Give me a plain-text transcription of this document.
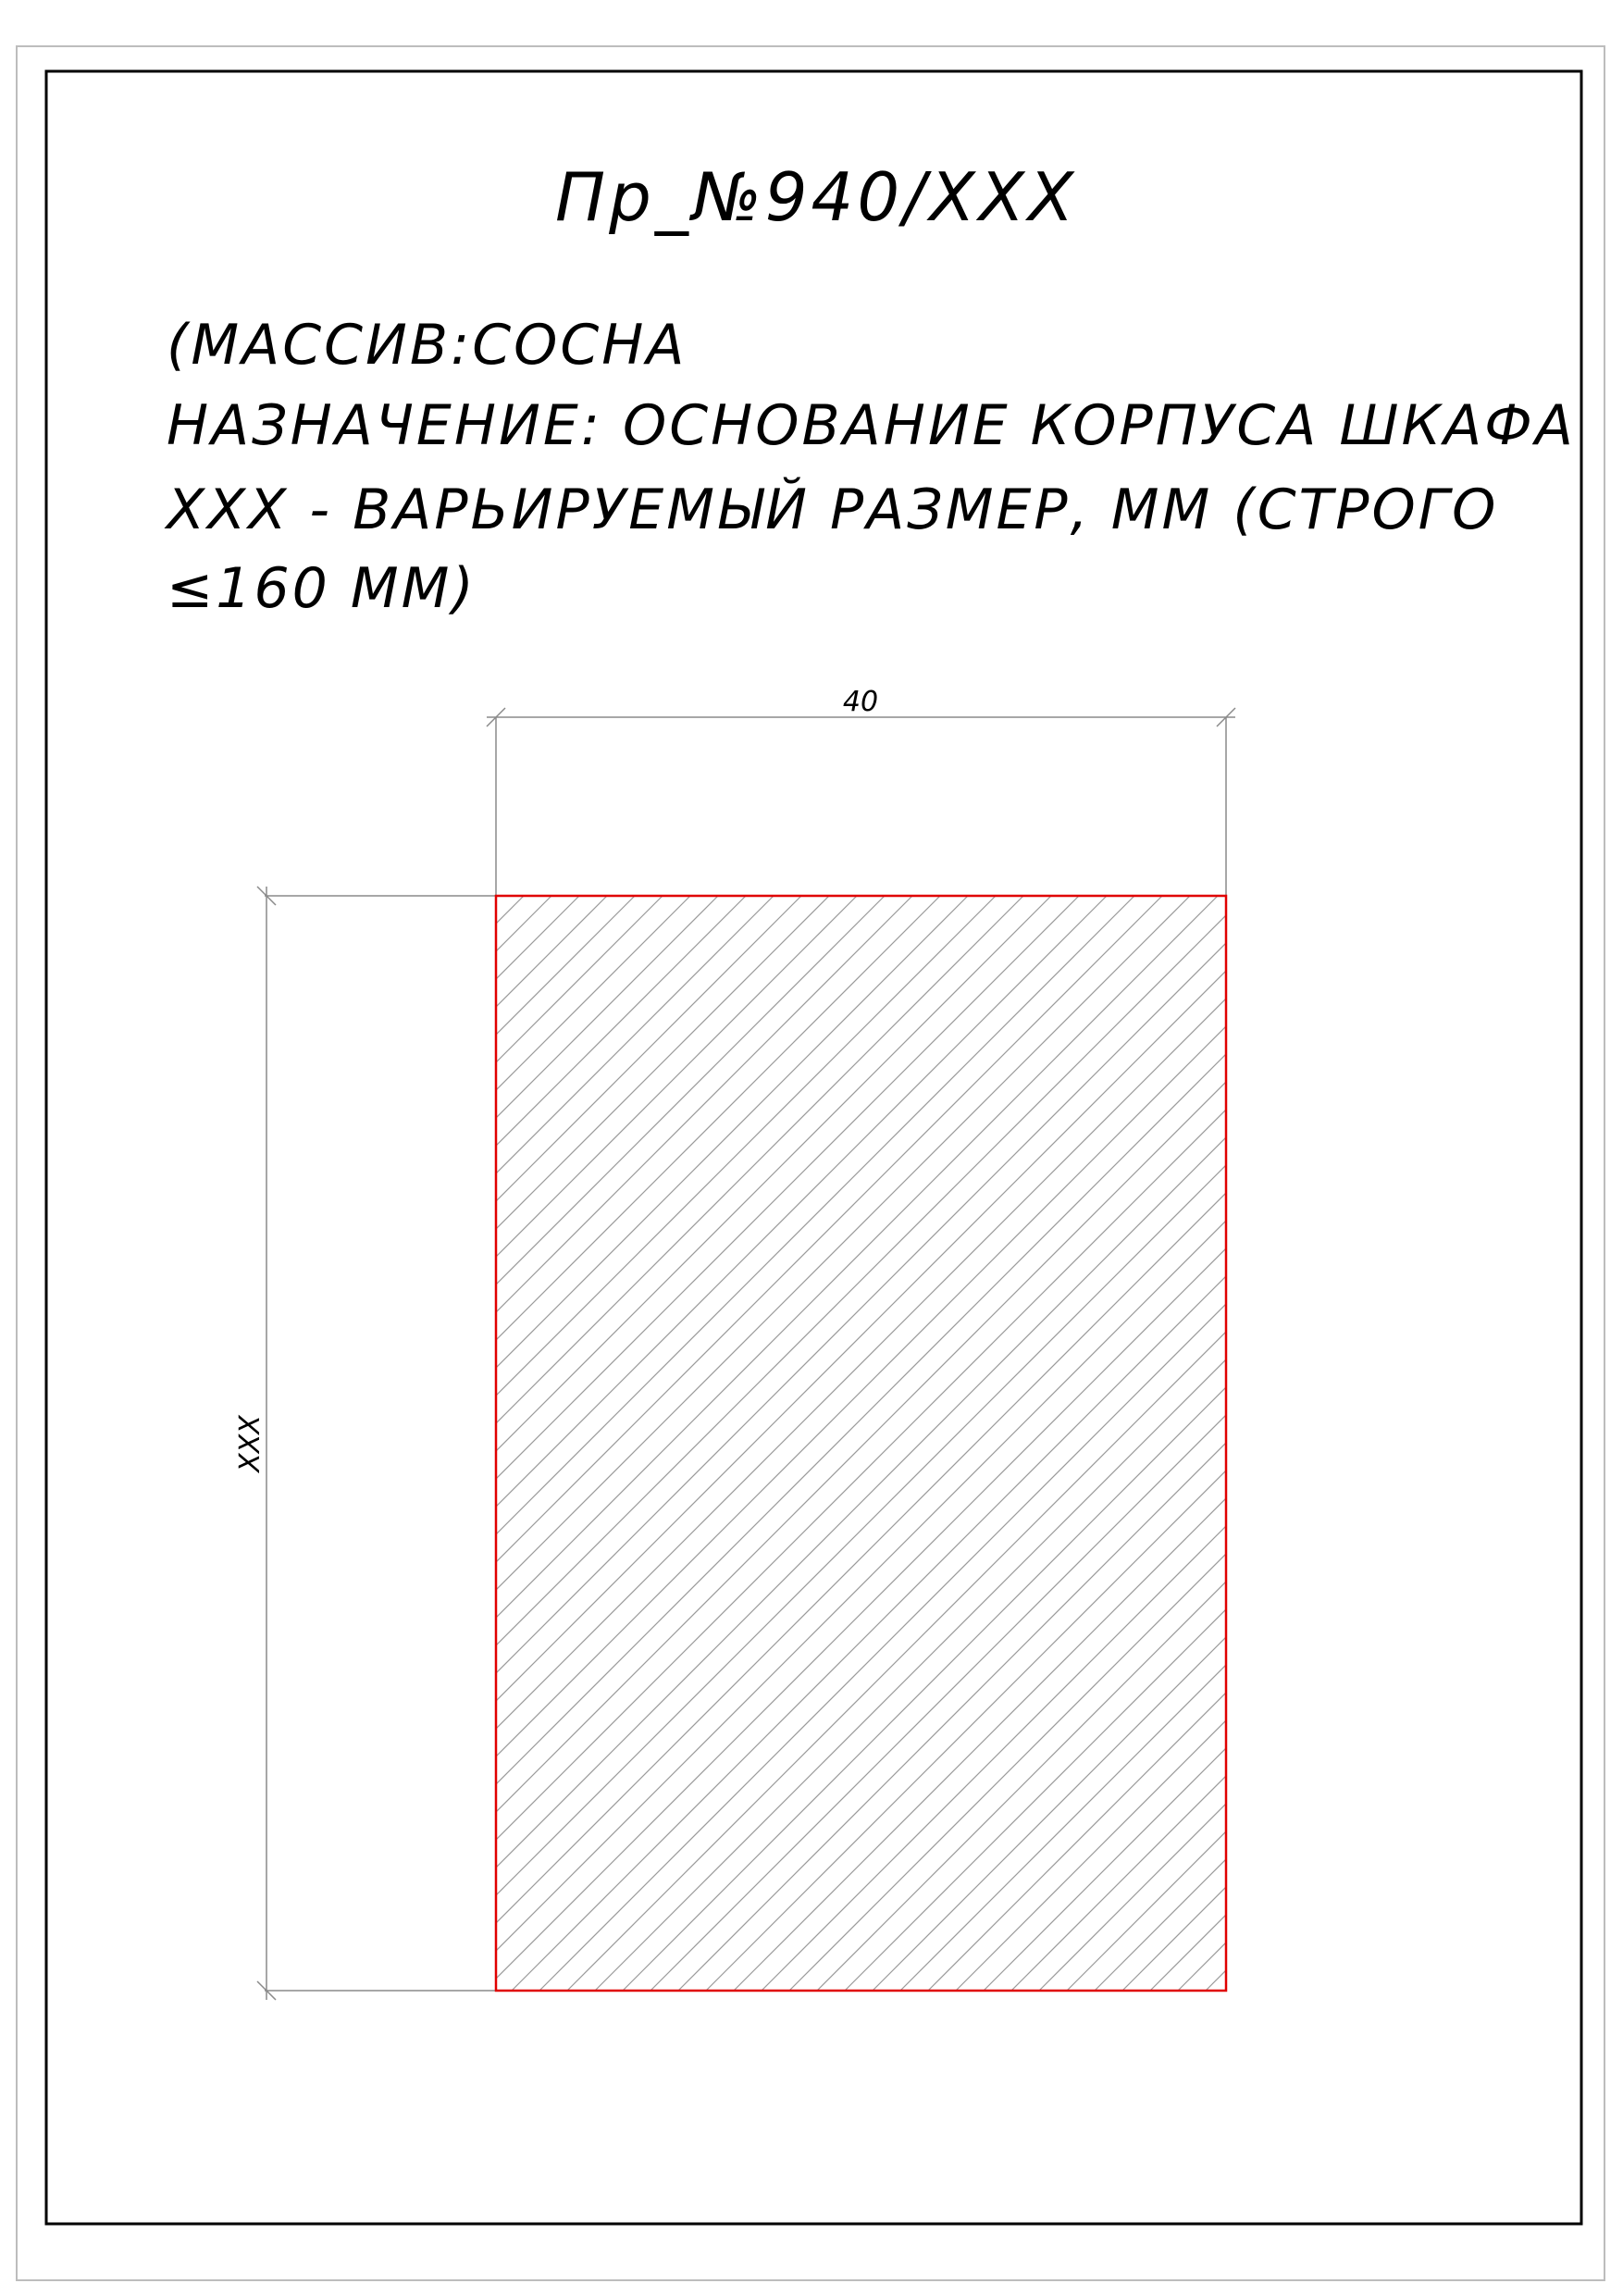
Пр_№940/XXX
(МАССИВ:СОСНА
НАЗНАЧЕНИЕ: ОСНОВАНИЕ КОРПУСА ШКАФА
XXX - ВАРЬИРУЕМЫЙ РАЗМЕР, ММ (СТРОГО
≤160 ММ)
40
XXX
